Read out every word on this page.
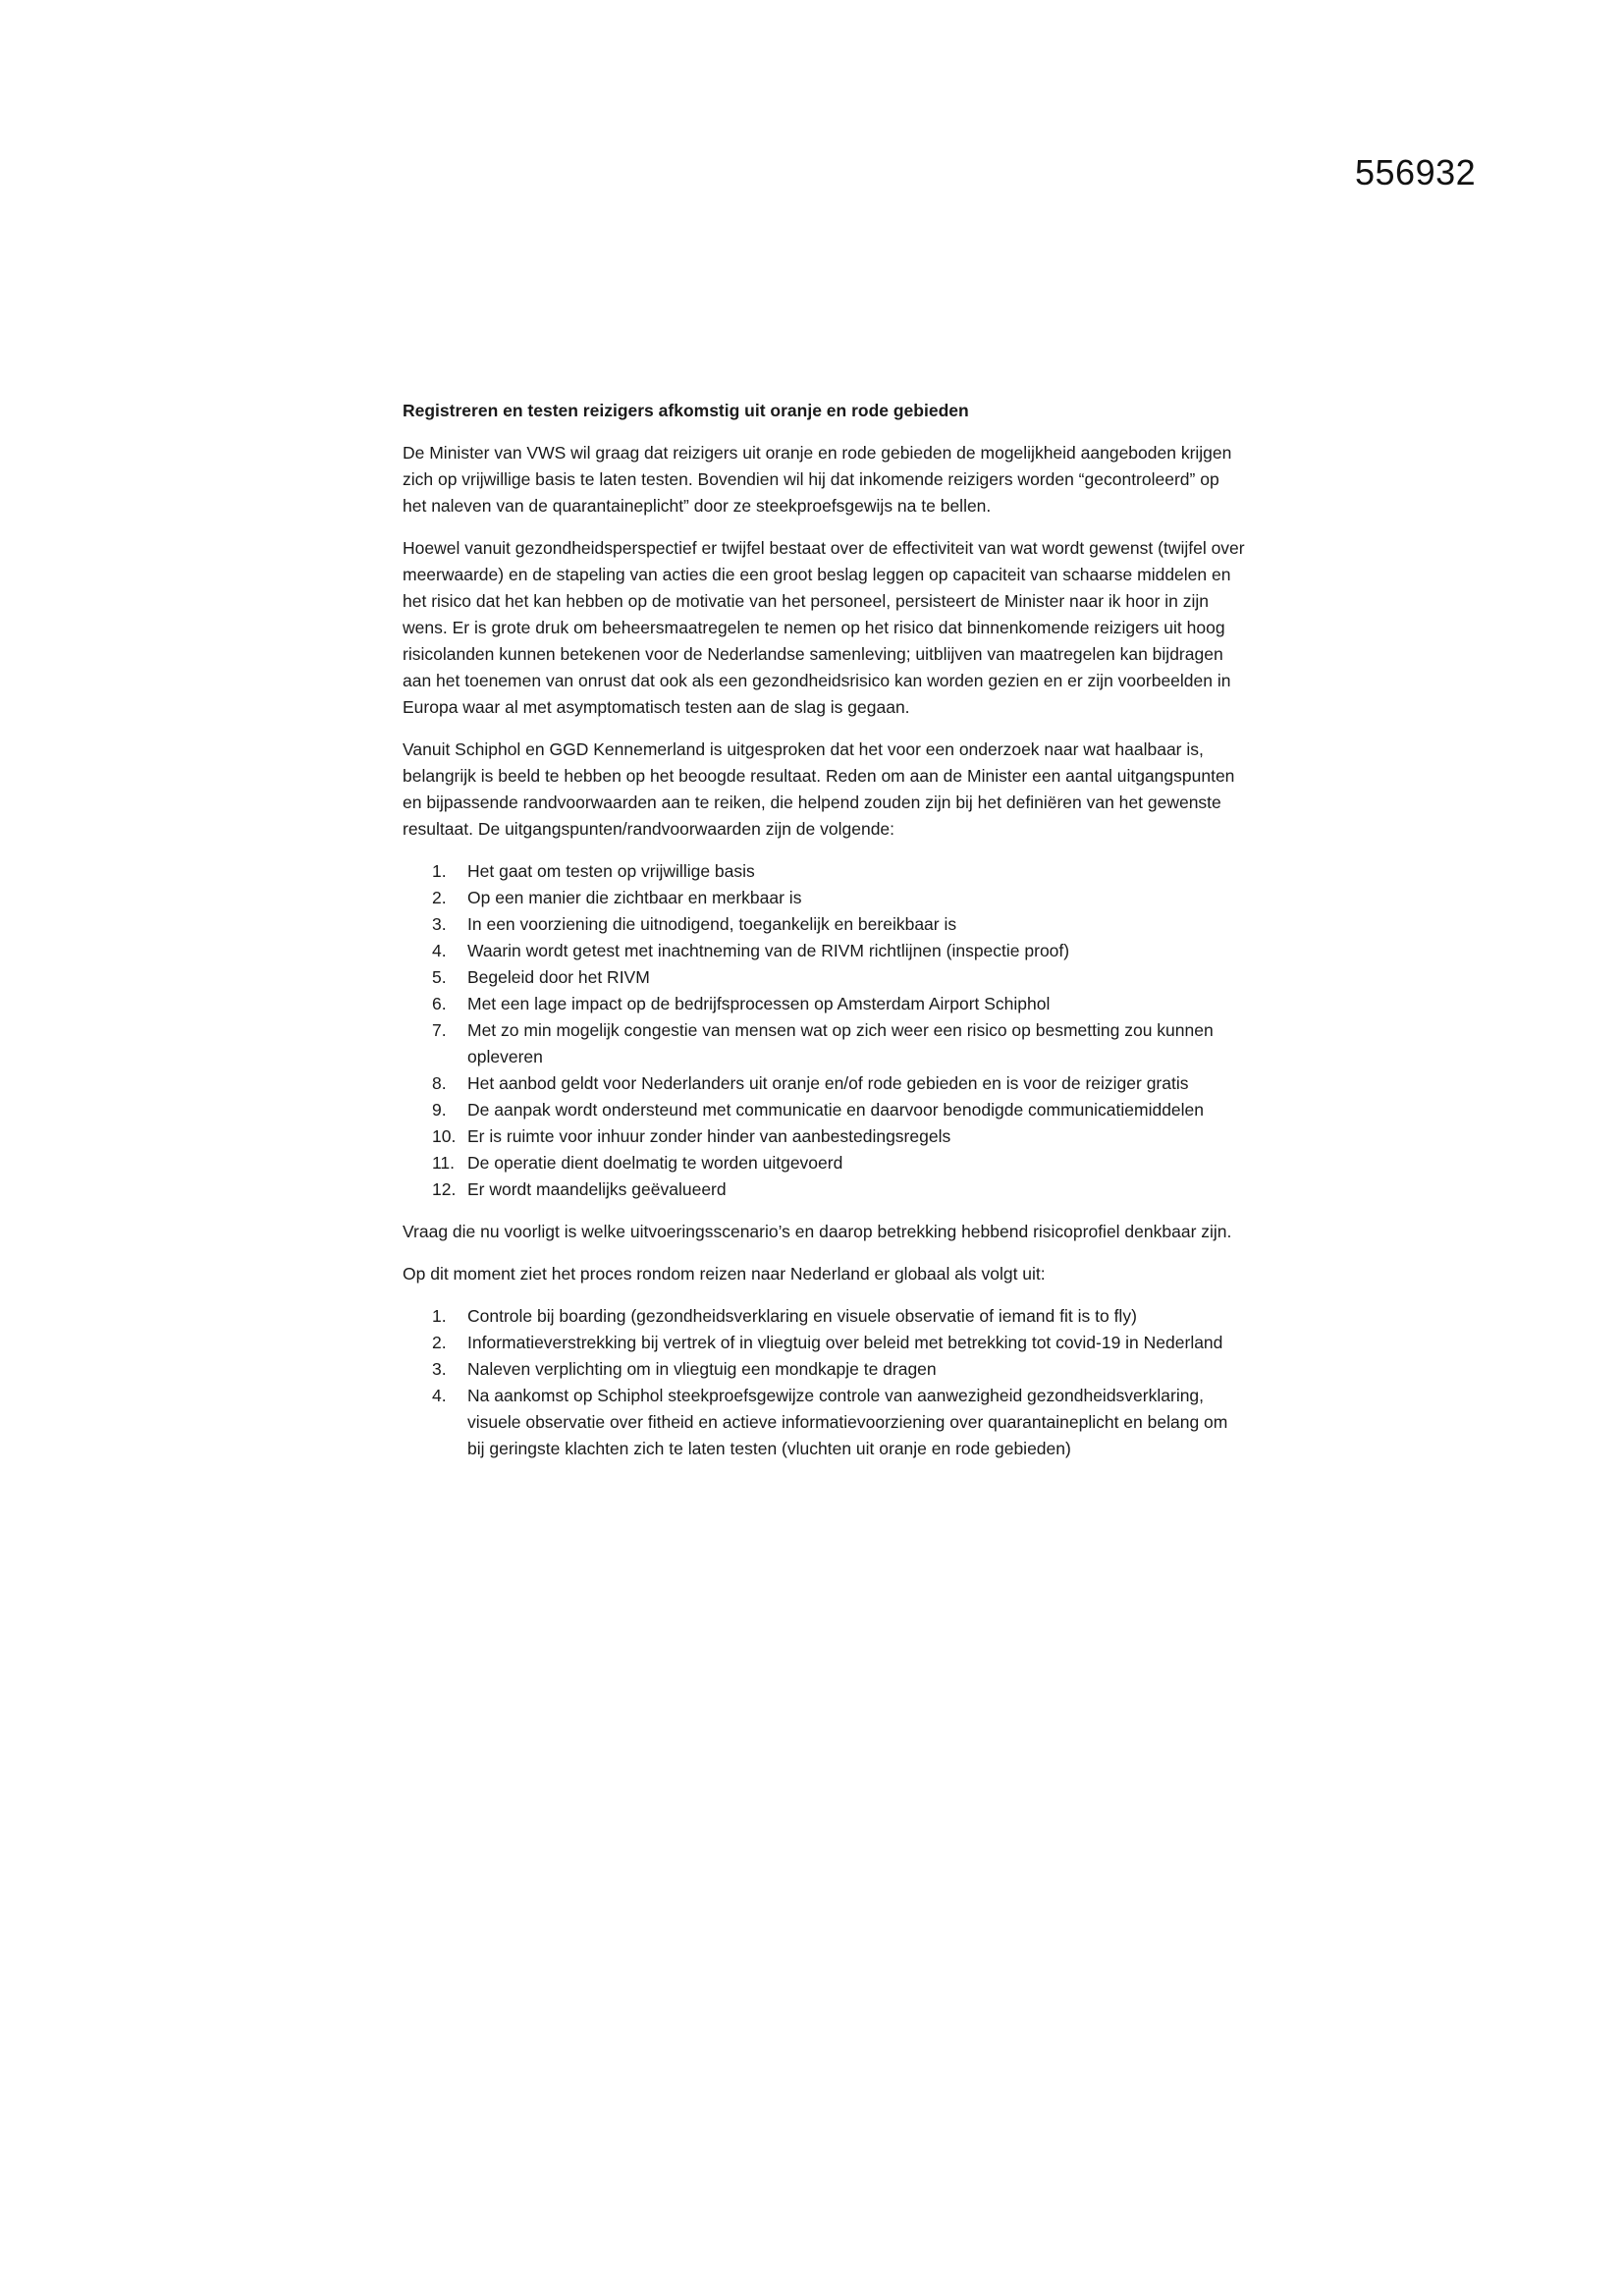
556932
Registreren en testen reizigers afkomstig uit oranje en rode gebieden

De Minister van VWS wil graag dat reizigers uit oranje en rode gebieden de mogelijkheid aangeboden krijgen zich op vrijwillige basis te laten testen. Bovendien wil hij dat inkomende reizigers worden “gecontroleerd” op het naleven van de quarantaineplicht” door ze steekproefsgewijs na te bellen.

Hoewel vanuit gezondheidsperspectief er twijfel bestaat over de effectiviteit van wat wordt gewenst (twijfel over meerwaarde) en de stapeling van acties die een groot beslag leggen op capaciteit van schaarse middelen en het risico dat het kan hebben op de motivatie van het personeel, persisteert de Minister naar ik hoor in zijn wens. Er is grote druk om beheersmaatregelen te nemen op het risico dat binnenkomende reizigers uit hoog risicolanden kunnen betekenen voor de Nederlandse samenleving; uitblijven van maatregelen kan bijdragen aan het toenemen van onrust dat ook als een gezondheidsrisico kan worden gezien en er zijn voorbeelden in Europa waar al met asymptomatisch testen aan de slag is gegaan.

Vanuit Schiphol en GGD Kennemerland is uitgesproken dat het voor een onderzoek naar wat haalbaar is, belangrijk is beeld te hebben op het beoogde resultaat. Reden om aan de Minister een aantal uitgangspunten en bijpassende randvoorwaarden aan te reiken, die helpend zouden zijn bij het definiëren van het gewenste resultaat. De uitgangspunten/randvoorwaarden zijn de volgende:

1.	Het gaat om testen op vrijwillige basis
2.	Op een manier die zichtbaar en merkbaar is
3.	In een voorziening die uitnodigend, toegankelijk en bereikbaar is
4.	Waarin wordt getest met inachtneming van de RIVM richtlijnen (inspectie proof)
5.	Begeleid door het RIVM
6.	Met een lage impact op de bedrijfsprocessen op Amsterdam Airport Schiphol
7.	Met zo min mogelijk congestie van mensen wat op zich weer een risico op besmetting zou kunnen opleveren
8.	Het aanbod geldt voor Nederlanders uit oranje en/of rode gebieden en is voor de reiziger gratis
9.	De aanpak wordt ondersteund met communicatie en daarvoor benodigde communicatiemiddelen
10. Er is ruimte voor inhuur zonder hinder van aanbestedingsregels
11. De operatie dient doelmatig te worden uitgevoerd
12. Er wordt maandelijks geëvalueerd

Vraag die nu voorligt is welke uitvoeringsscenario’s en daarop betrekking hebbend risicoprofiel denkbaar zijn.

Op dit moment ziet het proces rondom reizen naar Nederland er globaal als volgt uit:

1.	Controle bij boarding (gezondheidsverklaring en visuele observatie of iemand fit is to fly)
2.	Informatieverstrekking bij vertrek of in vliegtuig over beleid met betrekking tot covid-19 in Nederland
3.	Naleven verplichting om in vliegtuig een mondkapje te dragen
4.	Na aankomst op Schiphol steekproefsgewijze controle van aanwezigheid gezondheidsverklaring, visuele observatie over fitheid en actieve informatievoorziening over quarantaineplicht en belang om bij geringste klachten zich te laten testen (vluchten uit oranje en rode gebieden)
